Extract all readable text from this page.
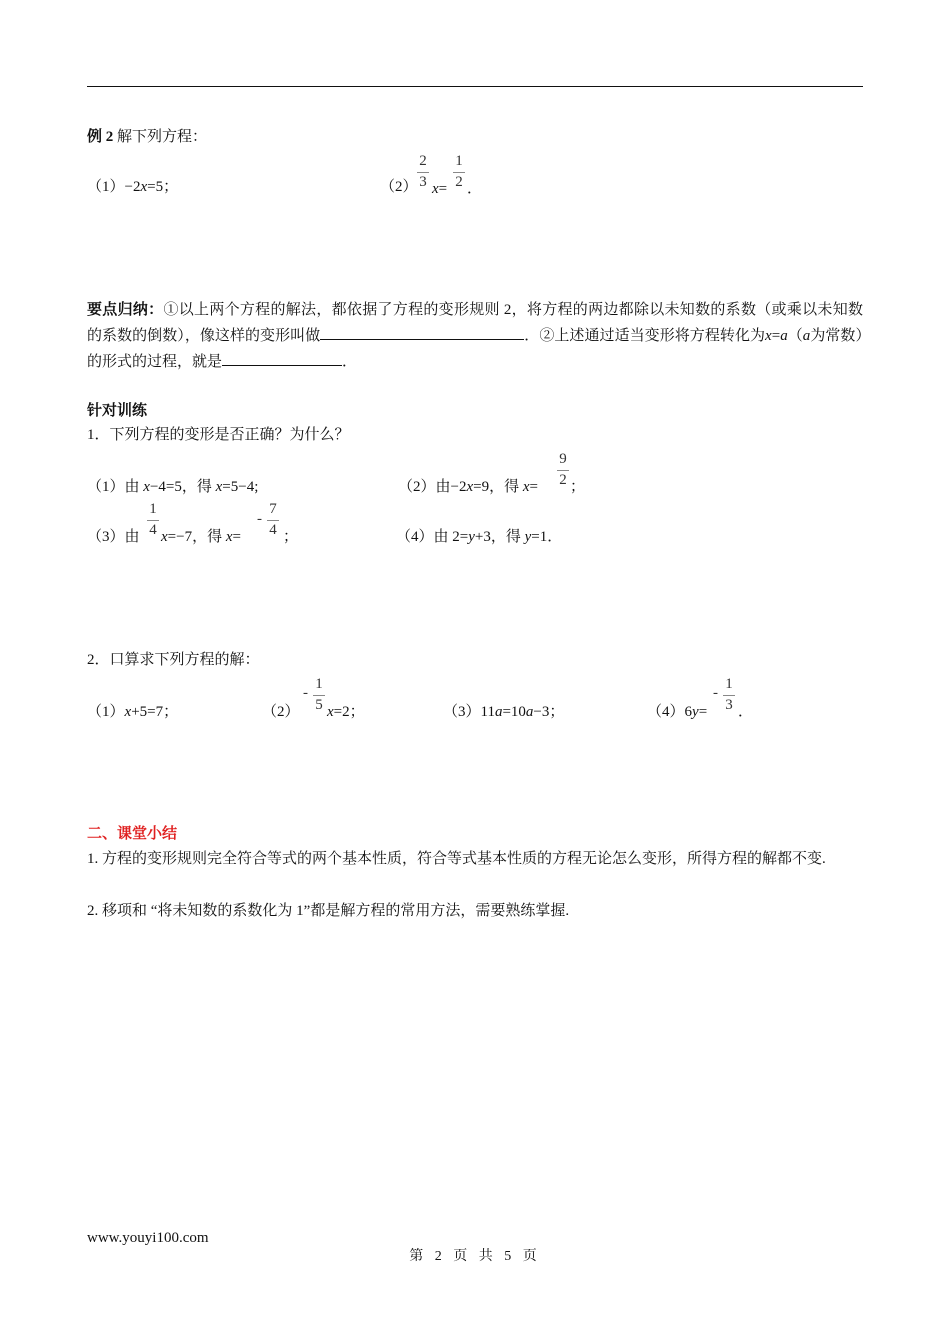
例 2 解下列方程：
（1）−2x=5；	（2）
2
3 x=
1
2 ．
要点归纳：①以上两个方程的解法，都依据了方程的变形规则 2，将方程的两边都除以未知数的系数（或乘以未知数的系数的倒数），像这样的变形叫做	．②上述通过适当变形将方程转化为x=a（a为常数）的形式的过程，就是	．
针对训练
1．下列方程的变形是否正确？为什么？
（1）由 x−4=5，得 x=5−4;	（2）由−2x=9，得 x=
9
2 ；
（3）由
1
4 x=−7，得 x=
-
7
4 ；	（4）由 2=y+3，得 y=1．
2．口算求下列方程的解：
（1）x+5=7；	（2）
-
1
5 x=2；	（3）11a=10a−3；	（4）6y=
-
1
3 ．
二、课堂小结
1. 方程的变形规则完全符合等式的两个基本性质，符合等式基本性质的方程无论怎么变形，所得方程的解都不变.
2. 移项和 “将未知数的系数化为 1”都是解方程的常用方法，需要熟练掌握.
www.youyi100.com
第 2 页 共 5 页
